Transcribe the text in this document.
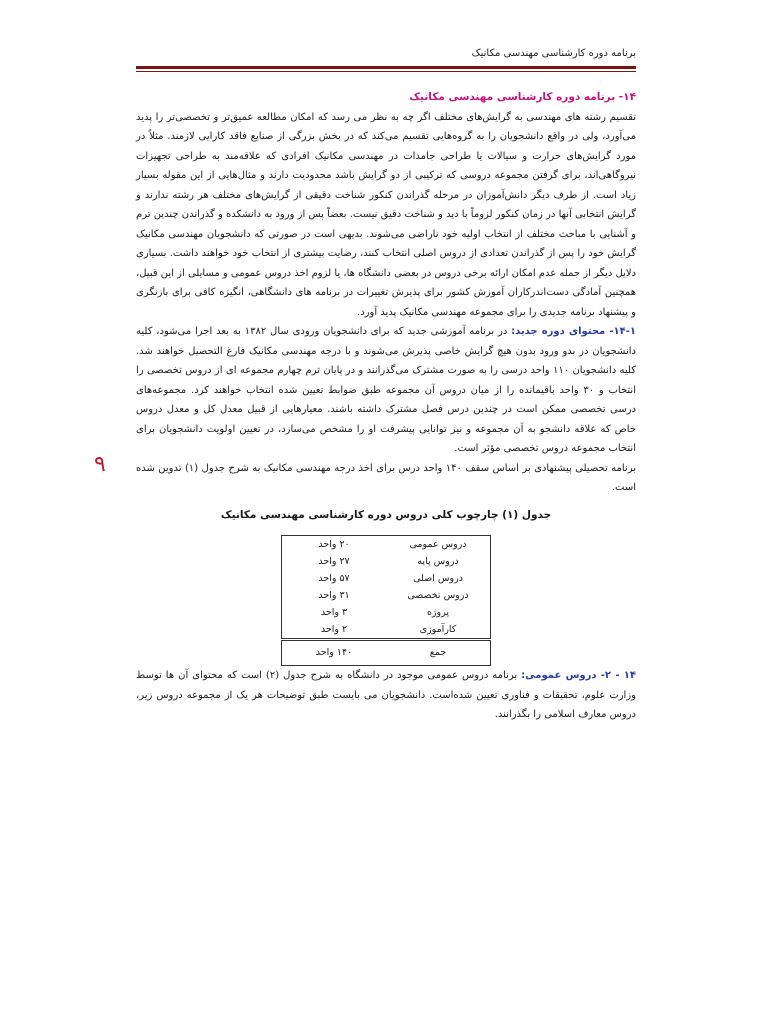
برنامه دوره کارشناسی مهندسی مکانیک
۹

۱۴- برنامه دوره کارشناسی مهندسی مکانیک

تقسیم رشته های مهندسی به گرایش‌های مختلف اگر چه به نظر می رسد که امکان مطالعه عمیق‌تر و تخصصی‌تر را پدید می‌آورد، ولی در واقع دانشجویان را به گروه‌هایی تقسیم می‌کند که در بخش بزرگی از صنایع فاقد کارایی لازمند. مثلاً در مورد گرایش‌های حرارت و سیالات یا طراحی جامدات در مهندسی مکانیک افرادی که علاقه‌مند به طراحی تجهیزات نیروگاهی‌اند، برای گرفتن مجموعه دروسی که ترکیبی از دو گرایش باشد محدودیت دارند و مثال‌هایی از این مقوله بسیار زیاد است. از طرف دیگر دانش‌آموزان در مرحله گذراندن کنکور شناخت دقیقی از گرایش‌های مختلف هر رشته ندارند و گرایش انتخابی آنها در زمان کنکور لزوماً با دید و شناخت دقیق نیست. بعضاً پس از ورود به دانشکده و گذراندن چندین ترم و آشنایی با مباحث مختلف از انتخاب اولیه خود ناراضی می‌شوند. بدیهی است در صورتی که دانشجویان مهندسی مکانیک گرایش خود را پس از گذراندن تعدادی از دروس اصلی انتخاب کنند، رضایت بیشتری از انتخاب خود خواهند داشت. بسیاری دلایل دیگر از جمله عدم امکان ارائه برخی دروس در بعضی دانشگاه ها، یا لزوم اخذ دروس عمومی و مسایلی از این قبیل، همچنین آمادگی دست‌اندرکاران آموزش کشور برای پذیرش تغییرات در برنامه های دانشگاهی، انگیزه کافی برای بازنگری و پیشنهاد برنامه جدیدی را برای مجموعه مهندسی مکانیک پدید آورد.

۱۴-۱- محتوای دوره جدید: در برنامه آموزشی جدید که برای دانشجویان ورودی سال ۱۳۸۲ به بعد اجرا می‌شود، کلیه دانشجویان در بدو ورود بدون هیچ گرایش خاصی پذیرش می‌شوند و با درجه مهندسی مکانیک فارغ التحصیل خواهند شد. کلیه دانشجویان ۱۱۰ واحد درسی را به صورت مشترک می‌گذرانند و در پایان ترم چهارم مجموعه ای از دروس تخصصی را انتخاب و ۳۰ واحد باقیمانده را از میان دروس آن مجموعه طبق ضوابط تعیین شده انتخاب خواهند کرد. مجموعه‌های درسی تخصصی ممکن است در چندین درس فصل مشترک داشته باشند. معیارهایی از قبیل معدل کل و معدل دروس خاص که علاقه دانشجو به آن مجموعه و نیز توانایی پیشرفت او را مشخص می‌سازد، در تعیین اولویت دانشجویان برای انتخاب مجموعه دروس تخصصی مؤثر است.

برنامه تحصیلی پیشنهادی بر اساس سقف ۱۴۰ واحد درس برای اخذ درجه مهندسی مکانیک به شرح جدول (۱) تدوین شده است.

جدول (۱) چارچوب کلی دروس دوره کارشناسی مهندسی مکانیک
دروس عمومی	۲۰ واحد
دروس پایه	۲۷ واحد
دروس اصلی	۵۷ واحد
دروس تخصصی	۳۱ واحد
پروژه	۳ واحد
کارآموزی	۲ واحد
جمع	۱۴۰ واحد

۱۴ - ۲- دروس عمومی: برنامه دروس عمومی موجود در دانشگاه به شرح جدول (۲) است که محتوای آن ها توسط وزارت علوم، تحقیقات و فناوری تعیین شده‌است. دانشجویان می بایست طبق توضیحات هر یک از مجموعه دروس زیر، دروس معارف اسلامی را بگذرانند.
